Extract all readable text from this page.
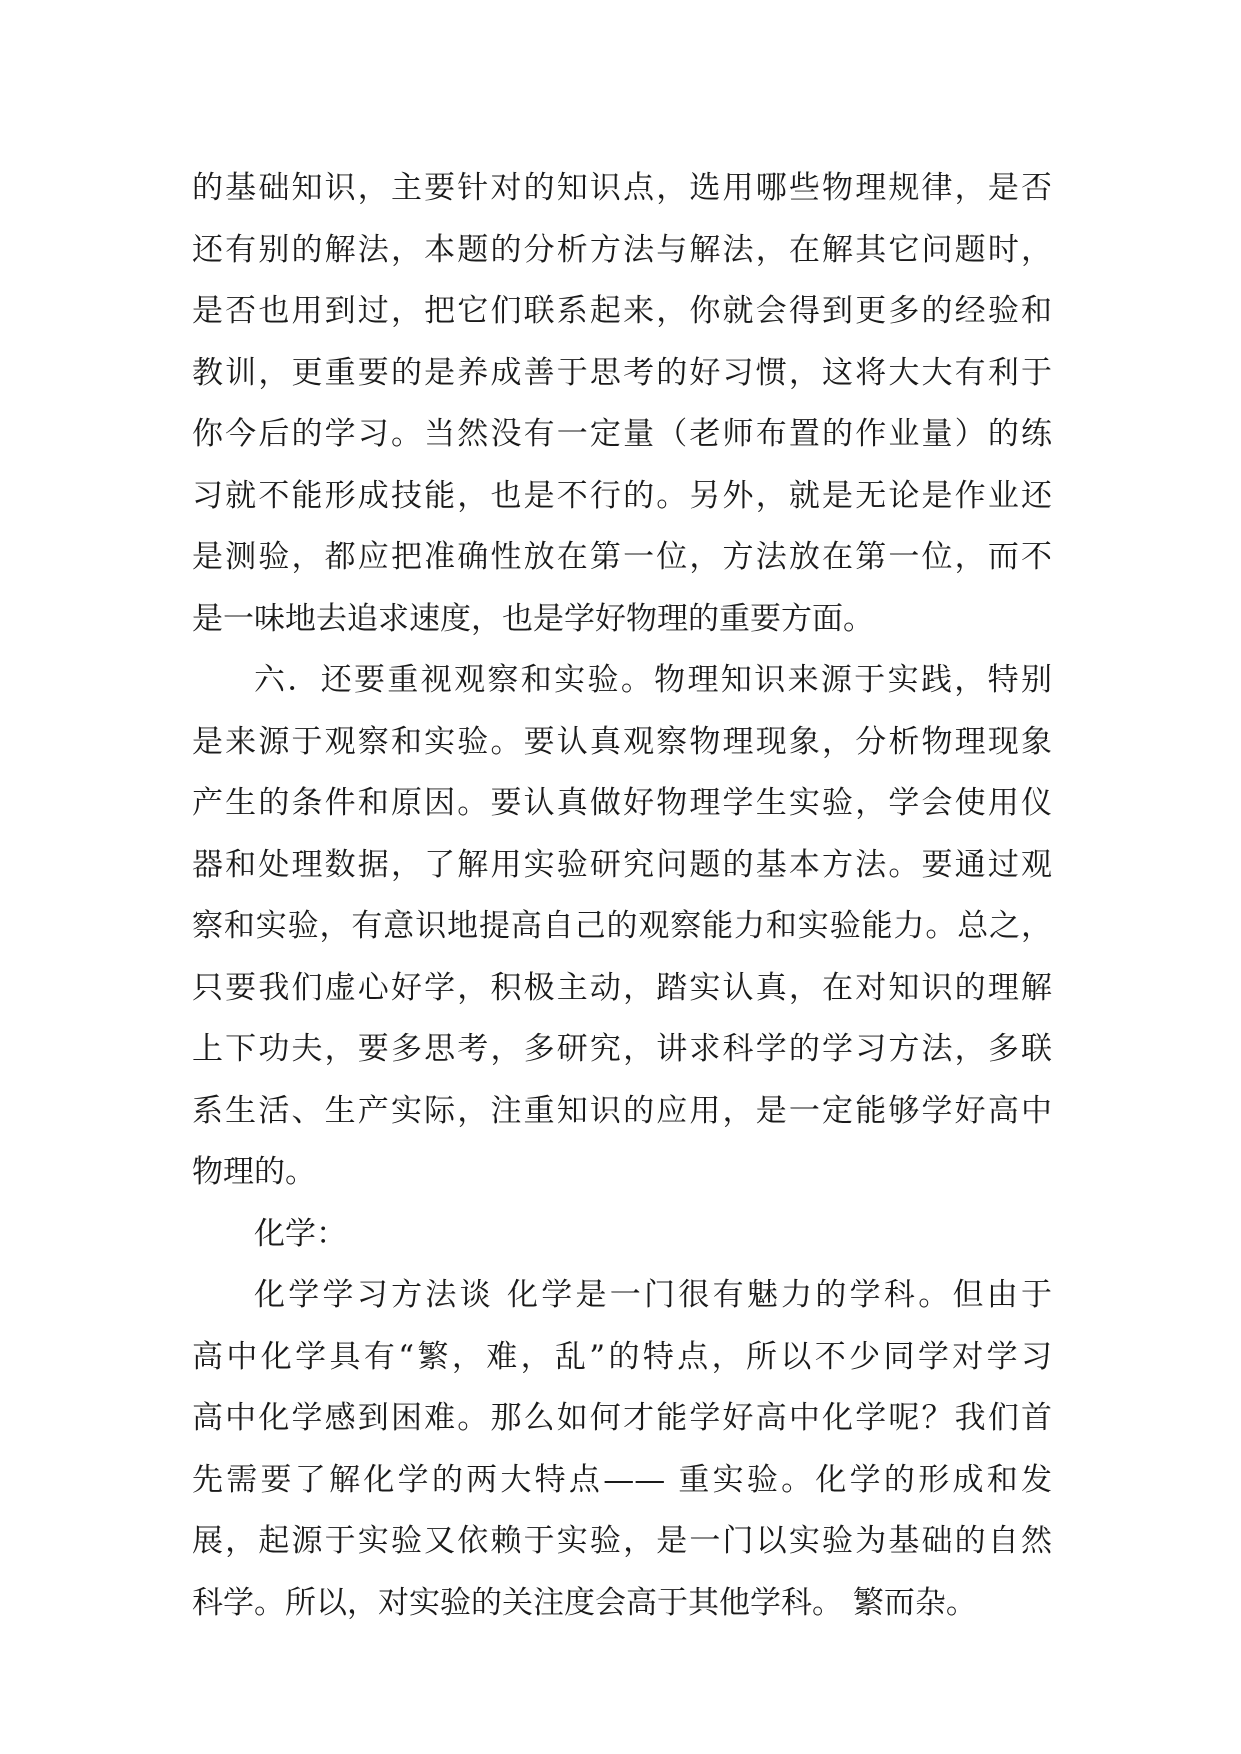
的基础知识，主要针对的知识点，选用哪些物理规律，是否
还有别的解法，本题的分析方法与解法，在解其它问题时，
是否也用到过，把它们联系起来，你就会得到更多的经验和
教训，更重要的是养成善于思考的好习惯，这将大大有利于
你今后的学习。当然没有一定量（老师布置的作业量）的练
习就不能形成技能，也是不行的。另外，就是无论是作业还
是测验，都应把准确性放在第一位，方法放在第一位，而不
是一味地去追求速度，也是学好物理的重要方面。
六．还要重视观察和实验。物理知识来源于实践，特别
是来源于观察和实验。要认真观察物理现象，分析物理现象
产生的条件和原因。要认真做好物理学生实验，学会使用仪
器和处理数据，了解用实验研究问题的基本方法。要通过观
察和实验，有意识地提高自己的观察能力和实验能力。总之，
只要我们虚心好学，积极主动，踏实认真，在对知识的理解
上下功夫，要多思考，多研究，讲求科学的学习方法，多联
系生活、生产实际，注重知识的应用，是一定能够学好高中
物理的。
化学：
化学学习方法谈 化学是一门很有魅力的学科。但由于
高中化学具有“繁，难，乱”的特点，所以不少同学对学习
高中化学感到困难。那么如何才能学好高中化学呢？我们首
先需要了解化学的两大特点—— 重实验。化学的形成和发
展，起源于实验又依赖于实验，是一门以实验为基础的自然
科学。所以，对实验的关注度会高于其他学科。 繁而杂。
